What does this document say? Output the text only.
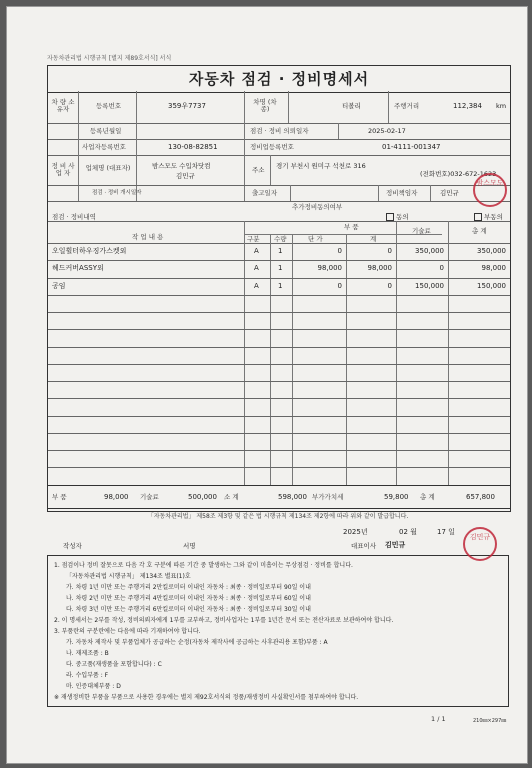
자동차관리법 시행규칙 [별지 제89호서식] 서식
자동차 점검 · 정비명세서
차 량 소유자	등록번호	359우7737	차명 (차종)	티볼리	주행거리	112,384 km
등록년월일	점검 · 정비 의뢰일자	2025-02-17
정 비 사 업 자
사업자등록번호	130-08-82851	정비업등록번호	01-4111-001347
업체명 (대표자)	밤스모도 수입차닷컴
김민규
주소 경기 부천시 원미구 석천로 316
(전화번호)032-672-1623
점검 · 정비 개시일자	출고일자	정비책임자	김민규
점검 · 정비내역
추가정비동의여부
동의	부동의
작 업 내 용
부 품
구분 수량	단 가	계
기술료	총 계
오일휠터하우징가스켓외	A	1	0	0	350,000	350,000
헤드커버ASSY외	A	1	98,000	98,000	0	98,000
공임	A	1	0	0	150,000	150,000
부 품	98,000 기술료	500,000 소 계	598,000 부가가치세	59,800 총 계	657,800
「자동차관리법」 제58조 제3항 및 같은 법 시행규칙 제134조 제2항에 따라 위와 같이 발급합니다.
2025년	02 월	17 일
작성자	서명	대표이사 김민규
1. 점검이나 정비 잘못으로 다음 각 호 구분에 따른 기간 중 발생하는 그와 같이 미흡이는 무상점검 · 정비를 합니다.
「자동차관리법 시행규칙」 제134조 별표(1)호
가. 차령 1년 미만 또는 주행거리 2만킬로미터 이내인 자동차 : 최종 · 정비일로부터 90일 이내
나. 차령 2년 미만 또는 주행거리 4만킬로미터 이내인 자동차 : 최종 · 정비일로부터 60일 이내
다. 차령 3년 미만 또는 주행거리 6만킬로미터 이내인 자동차 : 최종 · 정비일로부터 30일 이내
2. 이 명세서는 2부를 작성, 정비의뢰자에게 1부를 교부하고, 정비사업자는 1부를 1년간 문서 또는 전산자료로 보관하여야 합니다.
3. 부품란의 구분란에는 다음에 따라 기재하여야 합니다.
가. 자동차 제작사 및 부품업체가 공급하는 순정(자동차 제작사에 공급하는 사후관리용 포함)부품 : A
나. 재제조품 : B
다. 중고품(재생품을 포함합니다) : C
라. 수입부품 : F
마. 인증대체부품 : D
※ 재생정비한 부품을 부품으로 사용한 경우에는 별지 제92호서식의 정품/재생정비 사실확인서를 첨부하여야 합니다.
1 / 1	210㎜×297㎜
밤스모도
김민규
